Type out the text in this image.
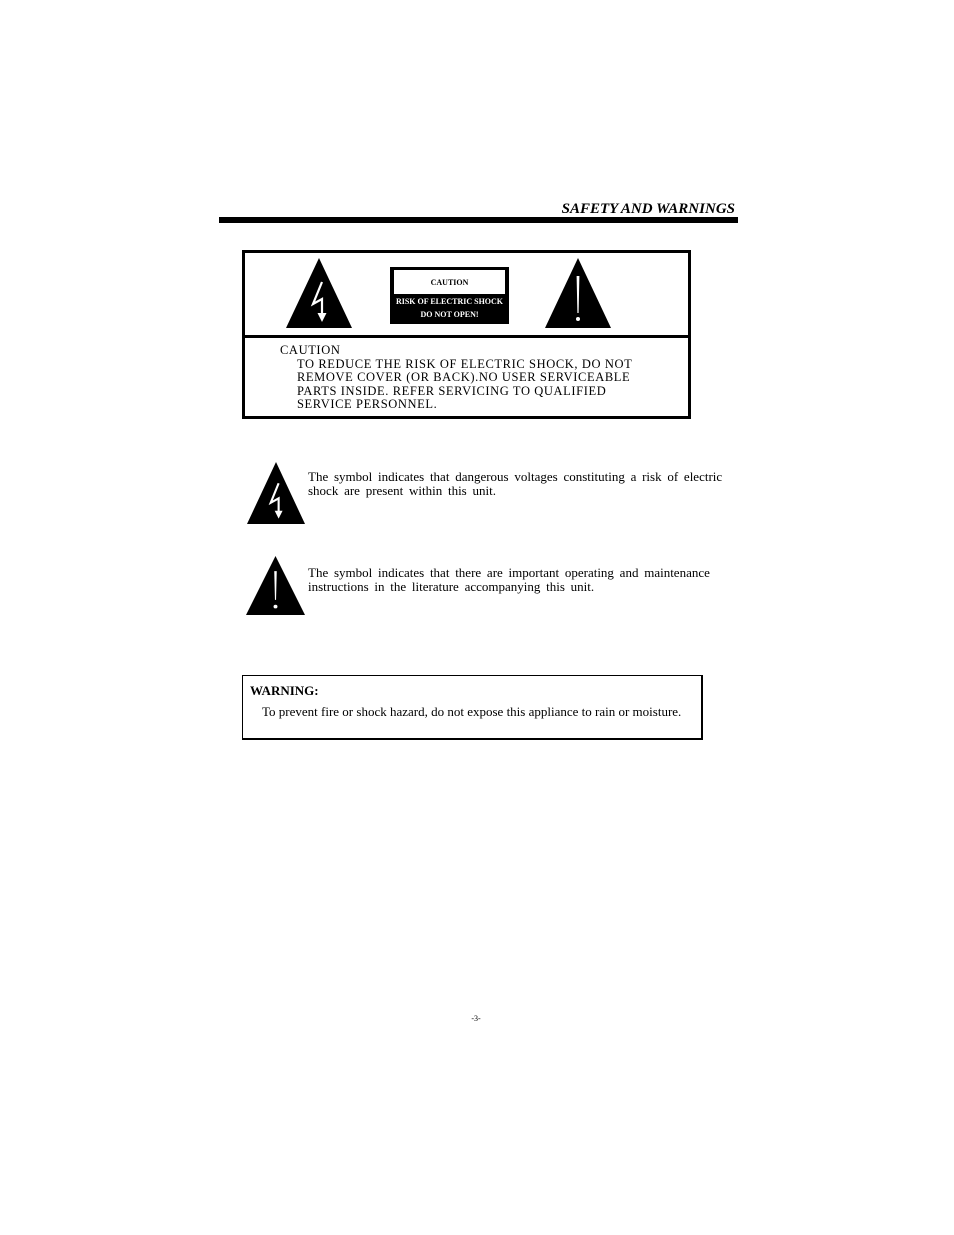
SAFETY AND WARNINGS
CAUTION
RISK OF ELECTRIC SHOCK
DO NOT OPEN!
CAUTION
TO REDUCE THE RISK OF ELECTRIC SHOCK, DO NOT
REMOVE COVER (OR BACK).NO USER SERVICEABLE
PARTS INSIDE. REFER SERVICING TO QUALIFIED
SERVICE PERSONNEL.
The symbol indicates that dangerous voltages constituting a risk of electric
shock are present within this unit.
The symbol indicates that there are important operating and maintenance
instructions in the literature accompanying this unit.
WARNING:
To prevent fire or shock hazard, do not expose this appliance to rain or moisture.
-3-
